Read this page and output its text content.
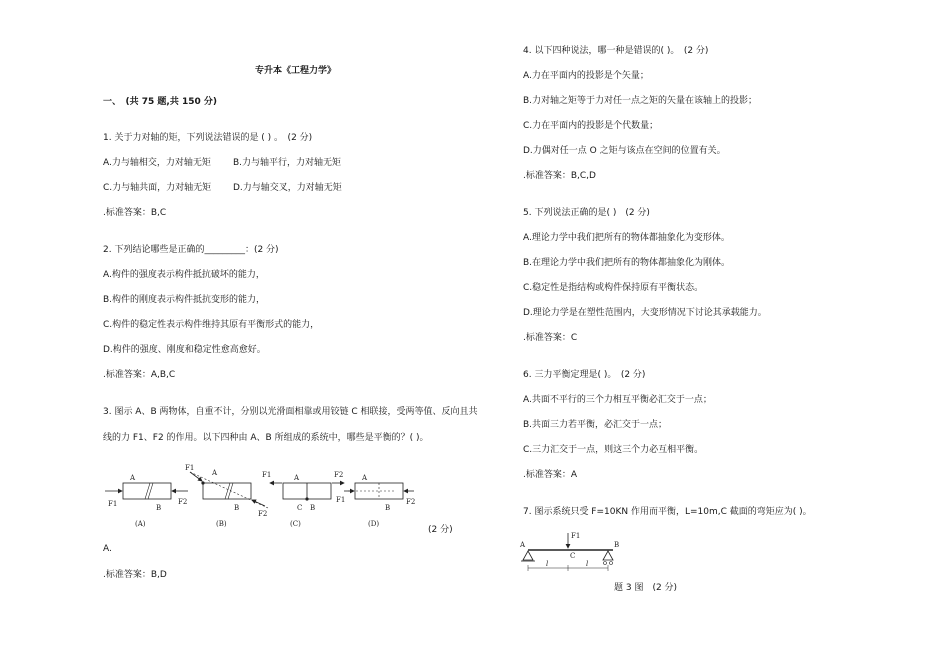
专升本《工程力学》
一、　(共 75 题,共 150 分)
1. 关于力对轴的矩，下列说法错误的是 ( ) 。　(2 分)
A.力与轴相交，力对轴无矩 B.力与轴平行，力对轴无矩
C.力与轴共面，力对轴无矩 D.力与轴交叉，力对轴无矩
.标准答案：B,C
2. 下列结论哪些是正确的_________：(2 分)
A.构件的强度表示构件抵抗破坏的能力，
B.构件的刚度表示构件抵抗变形的能力，
C.构件的稳定性表示构件维持其原有平衡形式的能力，
D.构件的强度、刚度和稳定性愈高愈好。
.标准答案：A,B,C
3. 图示 A、B 两物体，自重不计，分别以光滑面相靠或用铰链 C 相联接，受两等值、反向且共
线的力 F1、F2 的作用。以下四种由 A、B 所组成的系统中，哪些是平衡的？( )。
A
B
F1	F2
(A)
A
B
F1
F2
(B)
A
B
C
F1	F2
(C)
A
B
F1	F2
(D)
(2 分)
A.
.标准答案：B,D
4. 以下四种说法，哪一种是错误的( )。　(2 分)
A.力在平面内的投影是个矢量；
B.力对轴之矩等于力对任一点之矩的矢量在该轴上的投影；
C.力在平面内的投影是个代数量；
D.力偶对任一点 O 之矩与该点在空间的位置有关。
.标准答案：B,C,D
5. 下列说法正确的是( )　(2 分)
A.理论力学中我们把所有的物体都抽象化为变形体。
B.在理论力学中我们把所有的物体都抽象化为刚体。
C.稳定性是指结构或构件保持原有平衡状态。
D.理论力学是在塑性范围内，大变形情况下讨论其承载能力。
.标准答案：C
6. 三力平衡定理是( )。　(2 分)
A.共面不平行的三个力相互平衡必汇交于一点；
B.共面三力若平衡，必汇交于一点；
C.三力汇交于一点，则这三个力必互相平衡。
.标准答案：A
7. 图示系统只受 F=10KN 作用而平衡，L=10m,C 截面的弯矩应为( )。
A	B
C
F1
l	l
题 3 图　(2 分)
